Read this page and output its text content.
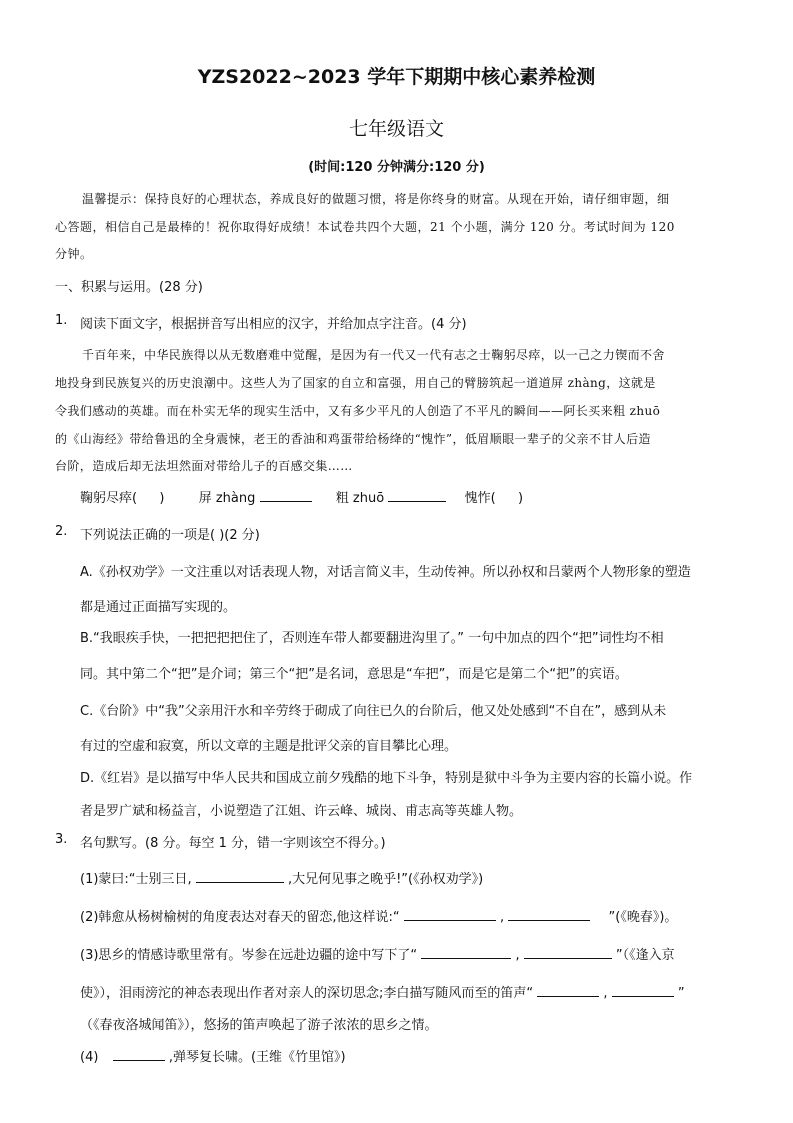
YZS2022~2023 学年下期期中核心素养检测
七年级语文
(时间:120 分钟满分:120 分)
温馨提示：保持良好的心理状态，养成良好的做题习惯，将是你终身的财富。从现在开始，请仔细审题，细
心答题，相信自己是最棒的！祝你取得好成绩！本试卷共四个大题，21 个小题，满分 120 分。考试时间为 120
分钟。
一、积累与运用。(28 分)
1. 阅读下面文字，根据拼音写出相应的汉字，并给加点字注音。(4 分)
千百年来，中华民族得以从无数磨难中觉醒，是因为有一代又一代有志之士鞠躬尽瘁，以一己之力锲而不舍
地投身到民族复兴的历史浪潮中。这些人为了国家的自立和富强，用自己的臂膀筑起一道道屏 zhàng，这就是
令我们感动的英雄。而在朴实无华的现实生活中，又有多少平凡的人创造了不平凡的瞬间——阿长买来粗 zhuō
的《山海经》带给鲁迅的全身震悚，老王的香油和鸡蛋带给杨绛的“愧怍”，低眉顺眼一辈子的父亲不甘人后造
台阶，造成后却无法坦然面对带给儿子的百感交集……
鞠躬尽瘁( )	屏 zhàng	粗 zhuō	愧怍( )
2. 下列说法正确的一项是( )(2 分)
A.《孙权劝学》一文注重以对话表现人物，对话言简义丰，生动传神。所以孙权和吕蒙两个人物形象的塑造
都是通过正面描写实现的。
B.“我眼疾手快，一把把把把住了，否则连车带人都要翻进沟里了。” 一句中加点的四个“把”词性均不相
同。其中第二个“把”是介词；第三个“把”是名词，意思是“车把”，而是它是第二个“把”的宾语。
C.《台阶》中“我”父亲用汗水和辛劳终于砌成了向往已久的台阶后，他又处处感到“不自在”，感到从未
有过的空虚和寂寞，所以文章的主题是批评父亲的盲目攀比心理。
D.《红岩》是以描写中华人民共和国成立前夕残酷的地下斗争，特别是狱中斗争为主要内容的长篇小说。作
者是罗广斌和杨益言，小说塑造了江姐、许云峰、城岗、甫志高等英雄人物。
3. 名句默写。(8 分。每空 1 分，错一字则该空不得分。)
(1)蒙曰:“士别三日,	,大兄何见事之晚乎!”(《孙权劝学》)
(2)韩愈从杨树榆树的角度表达对春天的留恋,他这样说:“	,	”(《晚春》)。
(3)思乡的情感诗歌里常有。岑参在远赴边疆的途中写下了“	,	”（《逢入京
使》），泪雨滂沱的神态表现出作者对亲人的深切思念;李白描写随风而至的笛声“	,	”
（《春夜洛城闻笛》），悠扬的笛声唤起了游子浓浓的思乡之情。
(4)	,弹琴复长啸。(王维《竹里馆》)
